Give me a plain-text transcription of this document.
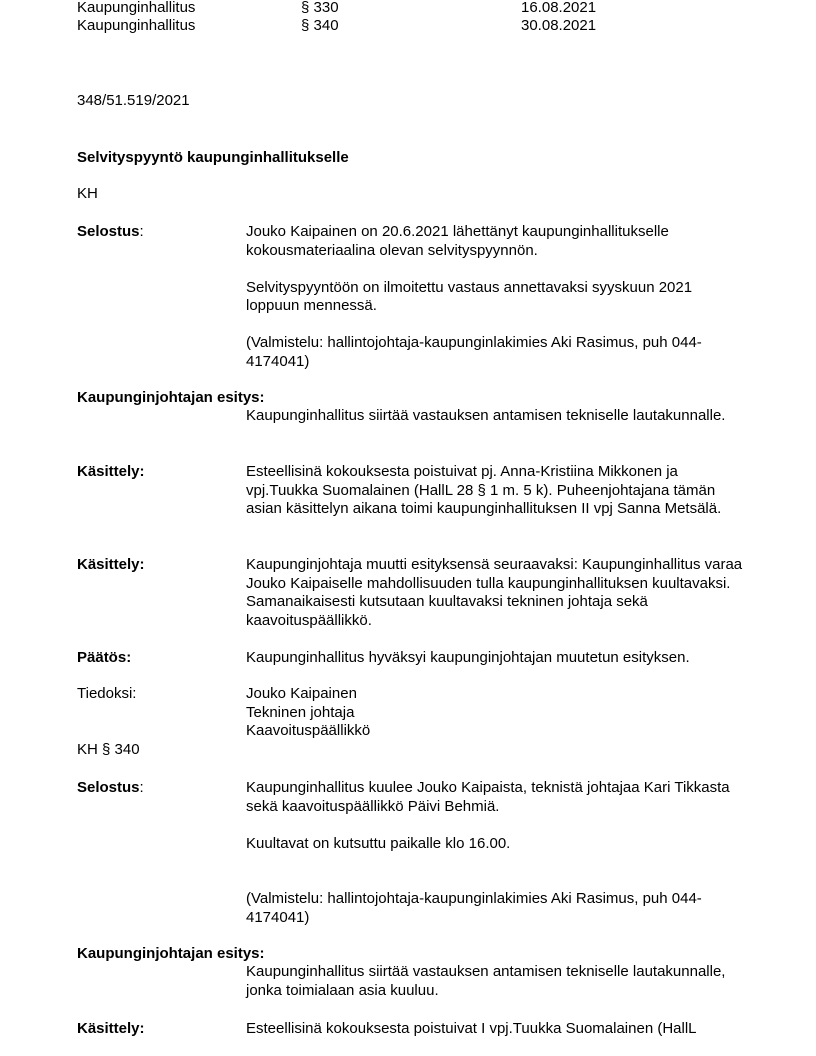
Kaupunginhallitus	§ 330	16.08.2021
Kaupunginhallitus	§ 340	30.08.2021
348/51.519/2021
Selvityspyyntö kaupunginhallitukselle
KH
Selostus:	Jouko Kaipainen on 20.6.2021 lähettänyt kaupunginhallitukselle kokousmateriaalina olevan selvityspyynnön.

Selvityspyyntöön on ilmoitettu vastaus annettavaksi syyskuun 2021 loppuun mennessä.

(Valmistelu: hallintojohtaja-kaupunginlakimies Aki Rasimus, puh 044-4174041)

Kaupunginjohtajan esitys:
Kaupunginhallitus siirtää vastauksen antamisen tekniselle lautakunnalle.
Käsittely:	Esteellisinä kokouksesta poistuivat pj. Anna-Kristiina Mikkonen ja vpj.Tuukka Suomalainen (HallL 28 § 1 m. 5 k). Puheenjohtajana tämän asian käsittelyn aikana toimi kaupunginhallituksen II vpj Sanna Metsälä.
Käsittely:	Kaupunginjohtaja muutti esityksensä seuraavaksi: Kaupunginhallitus varaa Jouko Kaipaiselle mahdollisuuden tulla kaupunginhallituksen kuultavaksi. Samanaikaisesti kutsutaan kuultavaksi tekninen johtaja sekä kaavoituspäällikkö.
Päätös:	Kaupunginhallitus hyväksyi kaupunginjohtajan muutetun esityksen.
Tiedoksi:	Jouko Kaipainen

Tekninen johtaja

Kaavoituspäällikkö

KH § 340
Selostus:	Kaupunginhallitus kuulee Jouko Kaipaista, teknistä johtajaa Kari Tikkasta sekä kaavoituspäällikkö Päivi Behmiä.

Kuultavat on kutsuttu paikalle klo 16.00.

(Valmistelu: hallintojohtaja-kaupunginlakimies Aki Rasimus, puh 044-4174041)

Kaupunginjohtajan esitys:
Kaupunginhallitus siirtää vastauksen antamisen tekniselle lautakunnalle, jonka toimialaan asia kuuluu.
Käsittely:	Esteellisinä kokouksesta poistuivat I vpj.Tuukka Suomalainen (HallL
